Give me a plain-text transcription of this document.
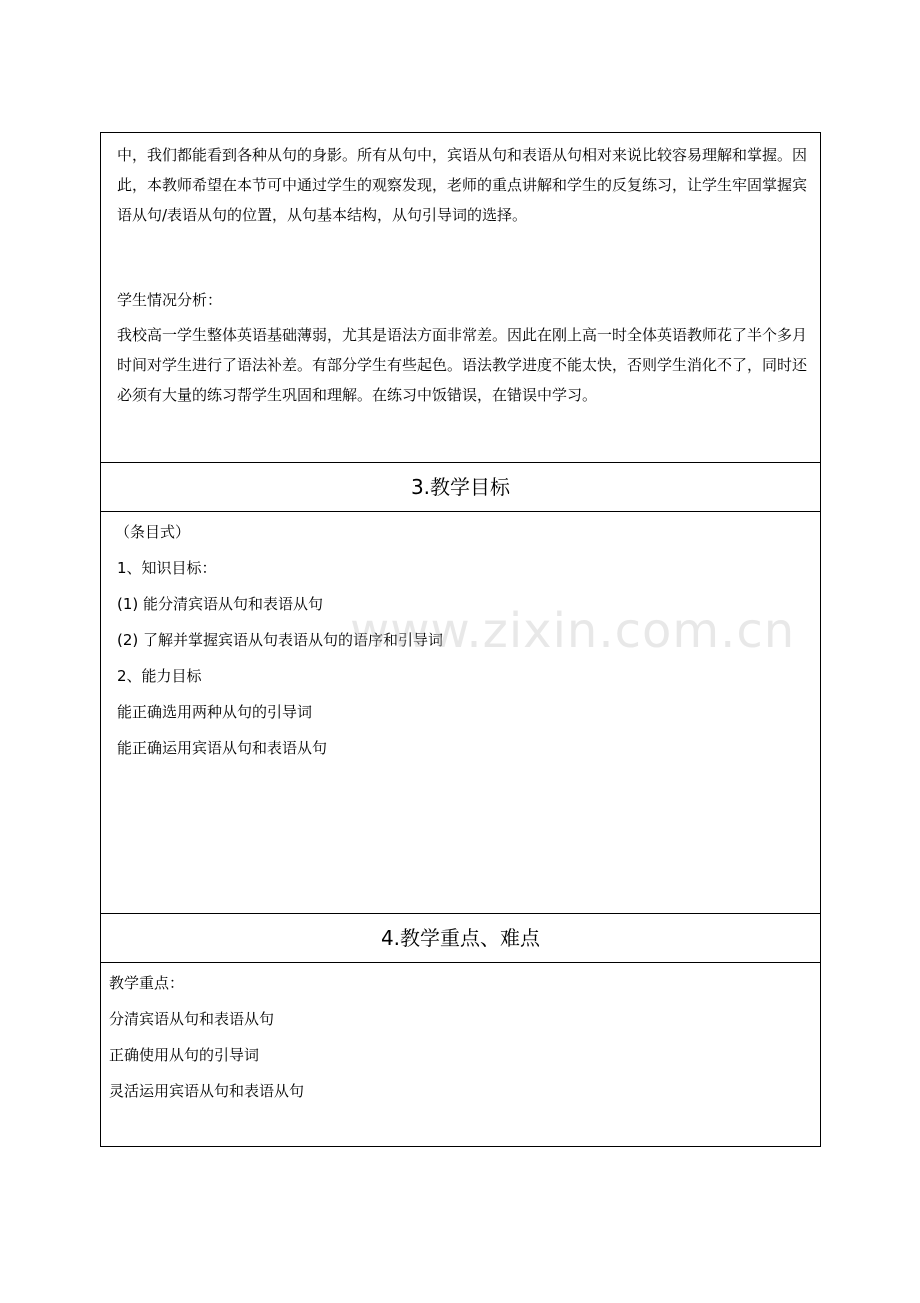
中，我们都能看到各种从句的身影。所有从句中，宾语从句和表语从句相对来说比较容易理解和掌握。因此，本教师希望在本节可中通过学生的观察发现，老师的重点讲解和学生的反复练习，让学生牢固掌握宾语从句/表语从句的位置，从句基本结构，从句引导词的选择。

学生情况分析：

我校高一学生整体英语基础薄弱，尤其是语法方面非常差。因此在刚上高一时全体英语教师花了半个多月时间对学生进行了语法补差。有部分学生有些起色。语法教学进度不能太快，否则学生消化不了，同时还必须有大量的练习帮学生巩固和理解。在练习中饭错误，在错误中学习。

3.教学目标
（条目式）
1、知识目标：
(1) 能分清宾语从句和表语从句
(2) 了解并掌握宾语从句表语从句的语序和引导词
2、能力目标
能正确选用两种从句的引导词
能正确运用宾语从句和表语从句
4.教学重点、难点
教学重点：
分清宾语从句和表语从句
正确使用从句的引导词
灵活运用宾语从句和表语从句
www.zixin.com.cn
